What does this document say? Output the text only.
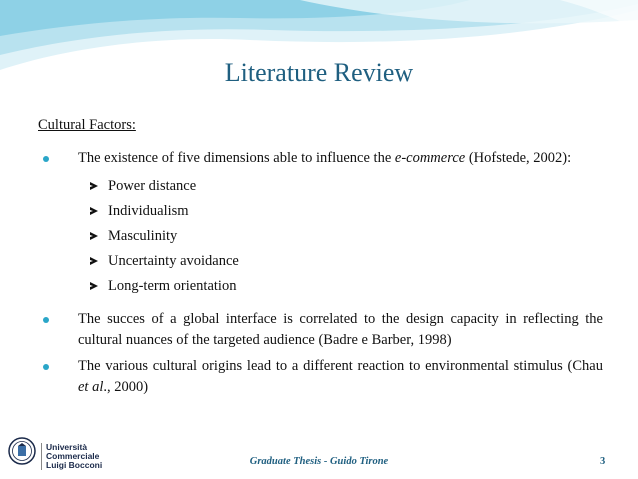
Literature Review
Cultural Factors:
The existence of five dimensions able to influence the e-commerce (Hofstede, 2002):
Power distance
Individualism
Masculinity
Uncertainty avoidance
Long-term orientation
The succes of a global interface is correlated to the design capacity in reflecting the cultural nuances of the targeted audience (Badre e Barber, 1998)
The various cultural origins lead to a different reaction to environmental stimulus (Chau et al., 2000)
Università Commerciale
Luigi Bocconi	Graduate Thesis - Guido Tirone	3
